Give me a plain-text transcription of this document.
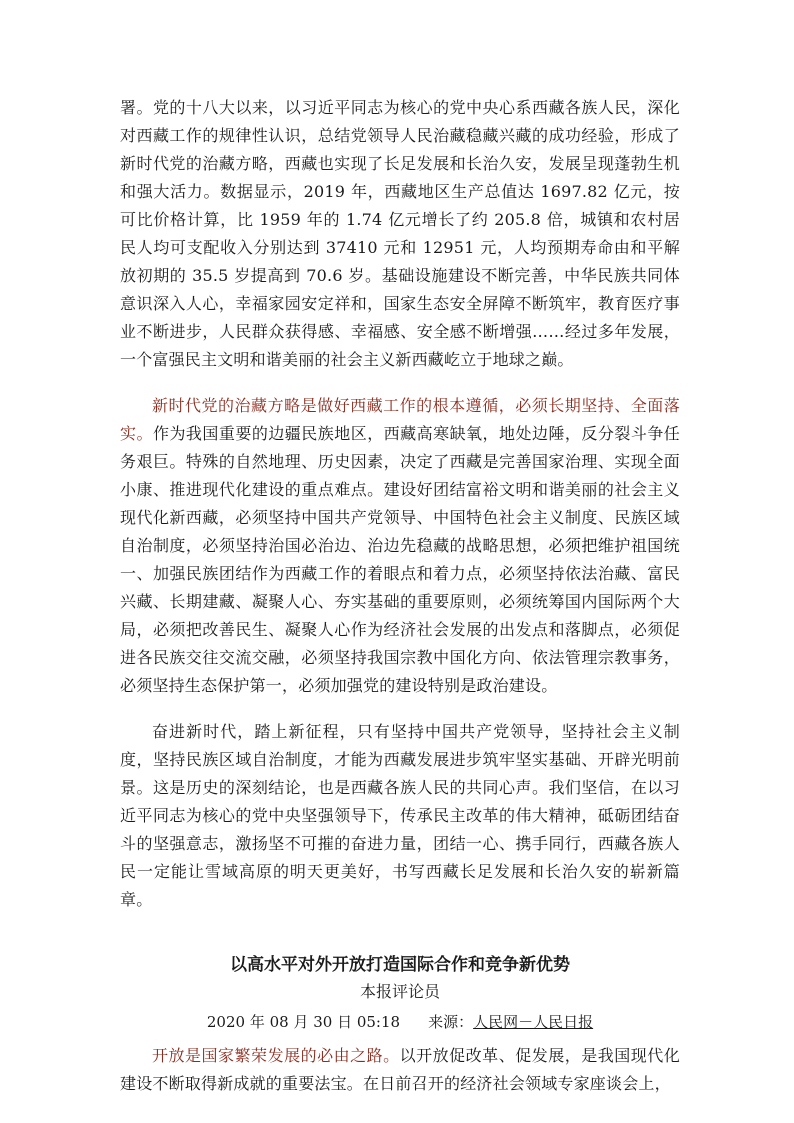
署。党的十八大以来，以习近平同志为核心的党中央心系西藏各族人民，深化对西藏工作的规律性认识，总结党领导人民治藏稳藏兴藏的成功经验，形成了新时代党的治藏方略，西藏也实现了长足发展和长治久安，发展呈现蓬勃生机和强大活力。数据显示，2019 年，西藏地区生产总值达 1697.82 亿元，按可比价格计算，比 1959 年的 1.74 亿元增长了约 205.8 倍，城镇和农村居民人均可支配收入分别达到 37410 元和 12951 元，人均预期寿命由和平解放初期的 35.5 岁提高到 70.6 岁。基础设施建设不断完善，中华民族共同体意识深入人心，幸福家园安定祥和，国家生态安全屏障不断筑牢，教育医疗事业不断进步，人民群众获得感、幸福感、安全感不断增强……经过多年发展，一个富强民主文明和谐美丽的社会主义新西藏屹立于地球之巅。

新时代党的治藏方略是做好西藏工作的根本遵循，必须长期坚持、全面落实。作为我国重要的边疆民族地区，西藏高寒缺氧，地处边陲，反分裂斗争任务艰巨。特殊的自然地理、历史因素，决定了西藏是完善国家治理、实现全面小康、推进现代化建设的重点难点。建设好团结富裕文明和谐美丽的社会主义现代化新西藏，必须坚持中国共产党领导、中国特色社会主义制度、民族区域自治制度，必须坚持治国必治边、治边先稳藏的战略思想，必须把维护祖国统一、加强民族团结作为西藏工作的着眼点和着力点，必须坚持依法治藏、富民兴藏、长期建藏、凝聚人心、夯实基础的重要原则，必须统筹国内国际两个大局，必须把改善民生、凝聚人心作为经济社会发展的出发点和落脚点，必须促进各民族交往交流交融，必须坚持我国宗教中国化方向、依法管理宗教事务，必须坚持生态保护第一，必须加强党的建设特别是政治建设。

奋进新时代，踏上新征程，只有坚持中国共产党领导，坚持社会主义制度，坚持民族区域自治制度，才能为西藏发展进步筑牢坚实基础、开辟光明前景。这是历史的深刻结论，也是西藏各族人民的共同心声。我们坚信，在以习近平同志为核心的党中央坚强领导下，传承民主改革的伟大精神，砥砺团结奋斗的坚强意志，激扬坚不可摧的奋进力量，团结一心、携手同行，西藏各族人民一定能让雪域高原的明天更美好，书写西藏长足发展和长治久安的崭新篇章。

以高水平对外开放打造国际合作和竞争新优势
本报评论员
2020 年 08 月 30 日 05:18 来源：人民网－人民日报

开放是国家繁荣发展的必由之路。以开放促改革、促发展，是我国现代化建设不断取得新成就的重要法宝。在日前召开的经济社会领域专家座谈会上，
